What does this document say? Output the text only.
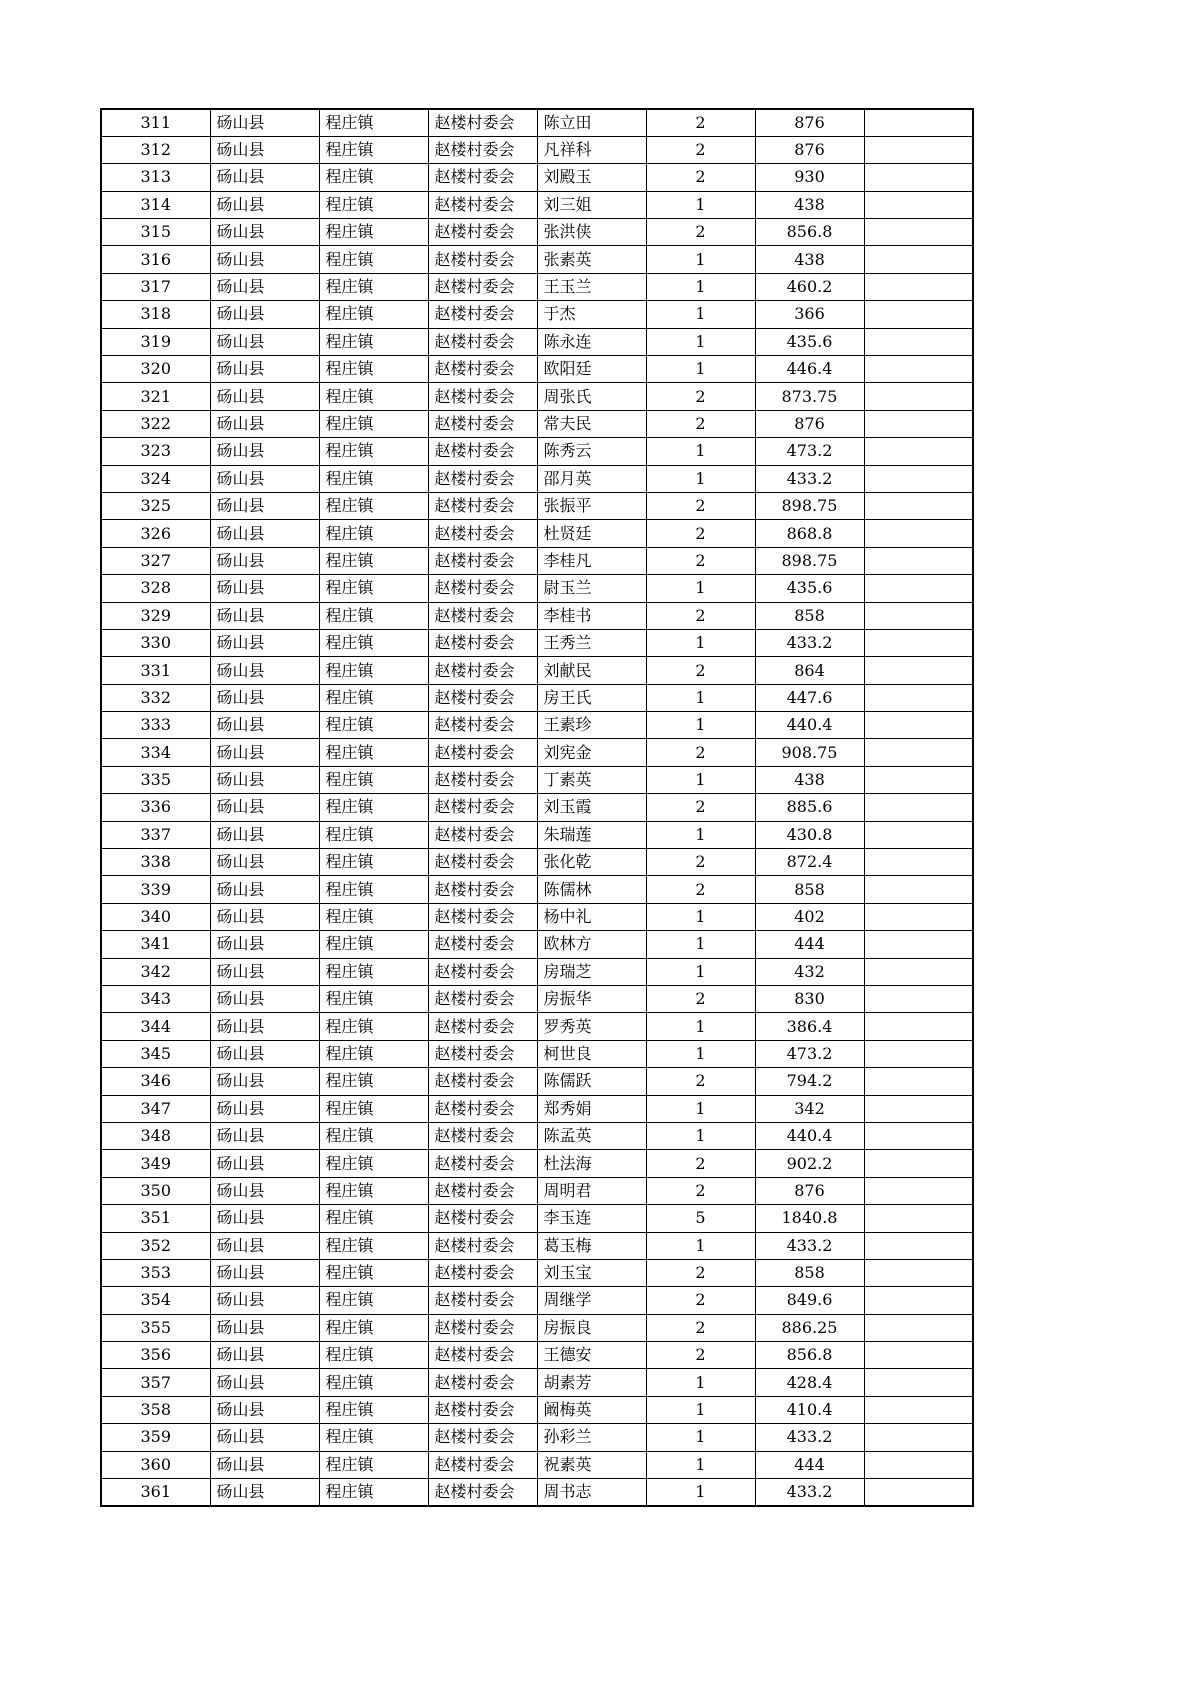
311	砀山县	程庄镇	赵楼村委会	陈立田	2	876	
312	砀山县	程庄镇	赵楼村委会	凡祥科	2	876	
313	砀山县	程庄镇	赵楼村委会	刘殿玉	2	930	
314	砀山县	程庄镇	赵楼村委会	刘三姐	1	438	
315	砀山县	程庄镇	赵楼村委会	张洪侠	2	856.8	
316	砀山县	程庄镇	赵楼村委会	张素英	1	438	
317	砀山县	程庄镇	赵楼村委会	王玉兰	1	460.2	
318	砀山县	程庄镇	赵楼村委会	于杰	1	366	
319	砀山县	程庄镇	赵楼村委会	陈永连	1	435.6	
320	砀山县	程庄镇	赵楼村委会	欧阳廷	1	446.4	
321	砀山县	程庄镇	赵楼村委会	周张氏	2	873.75	
322	砀山县	程庄镇	赵楼村委会	常夫民	2	876	
323	砀山县	程庄镇	赵楼村委会	陈秀云	1	473.2	
324	砀山县	程庄镇	赵楼村委会	邵月英	1	433.2	
325	砀山县	程庄镇	赵楼村委会	张振平	2	898.75	
326	砀山县	程庄镇	赵楼村委会	杜贤廷	2	868.8	
327	砀山县	程庄镇	赵楼村委会	李桂凡	2	898.75	
328	砀山县	程庄镇	赵楼村委会	尉玉兰	1	435.6	
329	砀山县	程庄镇	赵楼村委会	李桂书	2	858	
330	砀山县	程庄镇	赵楼村委会	王秀兰	1	433.2	
331	砀山县	程庄镇	赵楼村委会	刘献民	2	864	
332	砀山县	程庄镇	赵楼村委会	房王氏	1	447.6	
333	砀山县	程庄镇	赵楼村委会	王素珍	1	440.4	
334	砀山县	程庄镇	赵楼村委会	刘宪金	2	908.75	
335	砀山县	程庄镇	赵楼村委会	丁素英	1	438	
336	砀山县	程庄镇	赵楼村委会	刘玉霞	2	885.6	
337	砀山县	程庄镇	赵楼村委会	朱瑞莲	1	430.8	
338	砀山县	程庄镇	赵楼村委会	张化乾	2	872.4	
339	砀山县	程庄镇	赵楼村委会	陈儒林	2	858	
340	砀山县	程庄镇	赵楼村委会	杨中礼	1	402	
341	砀山县	程庄镇	赵楼村委会	欧林方	1	444	
342	砀山县	程庄镇	赵楼村委会	房瑞芝	1	432	
343	砀山县	程庄镇	赵楼村委会	房振华	2	830	
344	砀山县	程庄镇	赵楼村委会	罗秀英	1	386.4	
345	砀山县	程庄镇	赵楼村委会	柯世良	1	473.2	
346	砀山县	程庄镇	赵楼村委会	陈儒跃	2	794.2	
347	砀山县	程庄镇	赵楼村委会	郑秀娟	1	342	
348	砀山县	程庄镇	赵楼村委会	陈孟英	1	440.4	
349	砀山县	程庄镇	赵楼村委会	杜法海	2	902.2	
350	砀山县	程庄镇	赵楼村委会	周明君	2	876	
351	砀山县	程庄镇	赵楼村委会	李玉连	5	1840.8	
352	砀山县	程庄镇	赵楼村委会	葛玉梅	1	433.2	
353	砀山县	程庄镇	赵楼村委会	刘玉宝	2	858	
354	砀山县	程庄镇	赵楼村委会	周继学	2	849.6	
355	砀山县	程庄镇	赵楼村委会	房振良	2	886.25	
356	砀山县	程庄镇	赵楼村委会	王德安	2	856.8	
357	砀山县	程庄镇	赵楼村委会	胡素芳	1	428.4	
358	砀山县	程庄镇	赵楼村委会	阚梅英	1	410.4	
359	砀山县	程庄镇	赵楼村委会	孙彩兰	1	433.2	
360	砀山县	程庄镇	赵楼村委会	祝素英	1	444	
361	砀山县	程庄镇	赵楼村委会	周书志	1	433.2	
